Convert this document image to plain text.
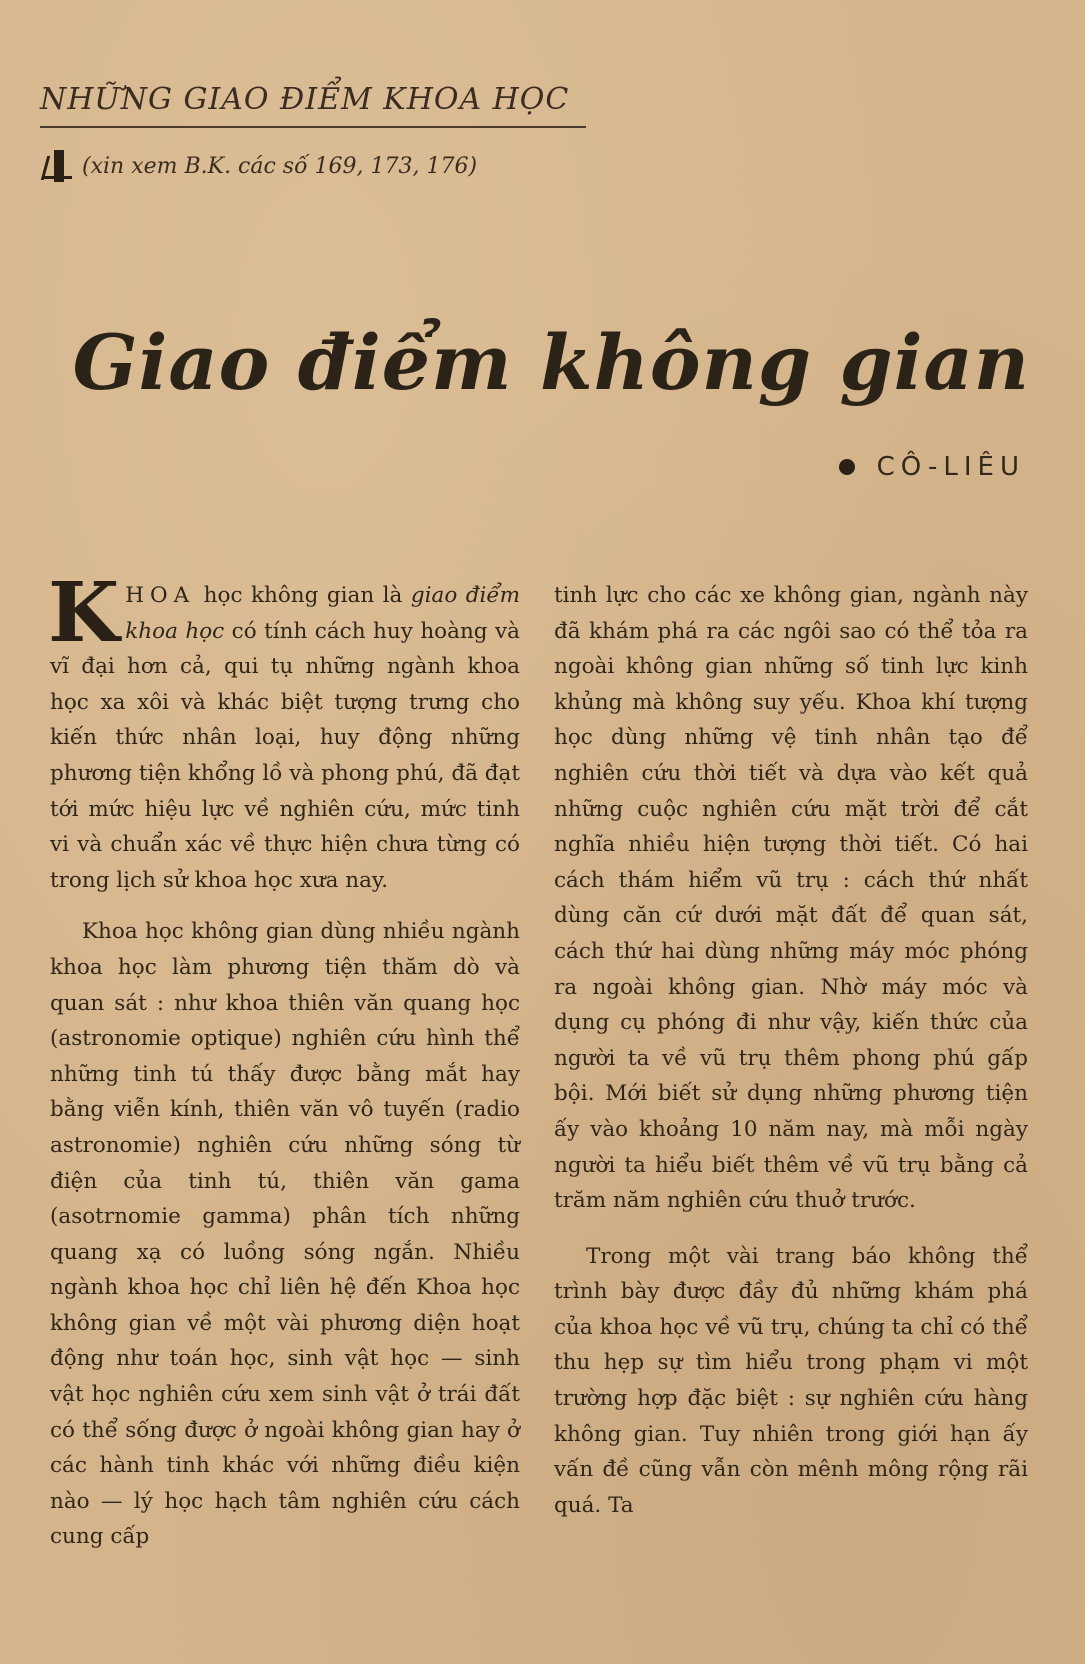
NHỮNG GIAO ĐIỂM KHOA HỌC
(xin xem B.K. các số 169, 173, 176)
Giao điểm không gian
CÔ-LIÊU

KHOA học không gian là giao điểm khoa học có tính cách huy hoàng và vĩ đại hơn cả, qui tụ những ngành khoa học xa xôi và khác biệt tượng trưng cho kiến thức nhân loại, huy động những phương tiện khổng lồ và phong phú, đã đạt tới mức hiệu lực về nghiên cứu, mức tinh vi và chuẩn xác về thực hiện chưa từng có trong lịch sử khoa học xưa nay.

Khoa học không gian dùng nhiều ngành khoa học làm phương tiện thăm dò và quan sát : như khoa thiên văn quang học (astronomie optique) nghiên cứu hình thể những tinh tú thấy được bằng mắt hay bằng viễn kính, thiên văn vô tuyến (radio astronomie) nghiên cứu những sóng từ điện của tinh tú, thiên văn gama (asotrnomie gamma) phân tích những quang xạ có luồng sóng ngắn. Nhiều ngành khoa học chỉ liên hệ đến Khoa học không gian về một vài phương diện hoạt động như toán học, sinh vật học — sinh vật học nghiên cứu xem sinh vật ở trái đất có thể sống được ở ngoài không gian hay ở các hành tinh khác với những điều kiện nào — lý học hạch tâm nghiên cứu cách cung cấp

tinh lực cho các xe không gian, ngành này đã khám phá ra các ngôi sao có thể tỏa ra ngoài không gian những số tinh lực kinh khủng mà không suy yếu. Khoa khí tượng học dùng những vệ tinh nhân tạo để nghiên cứu thời tiết và dựa vào kết quả những cuộc nghiên cứu mặt trời để cắt nghĩa nhiều hiện tượng thời tiết. Có hai cách thám hiểm vũ trụ : cách thứ nhất dùng căn cứ dưới mặt đất để quan sát, cách thứ hai dùng những máy móc phóng ra ngoài không gian. Nhờ máy móc và dụng cụ phóng đi như vậy, kiến thức của người ta về vũ trụ thêm phong phú gấp bội. Mới biết sử dụng những phương tiện ấy vào khoảng 10 năm nay, mà mỗi ngày người ta hiểu biết thêm về vũ trụ bằng cả trăm năm nghiên cứu thuở trước.

Trong một vài trang báo không thể trình bày được đầy đủ những khám phá của khoa học về vũ trụ, chúng ta chỉ có thể thu hẹp sự tìm hiểu trong phạm vi một trường hợp đặc biệt : sự nghiên cứu hàng không gian. Tuy nhiên trong giới hạn ấy vấn đề cũng vẫn còn mênh mông rộng rãi quá. Ta
